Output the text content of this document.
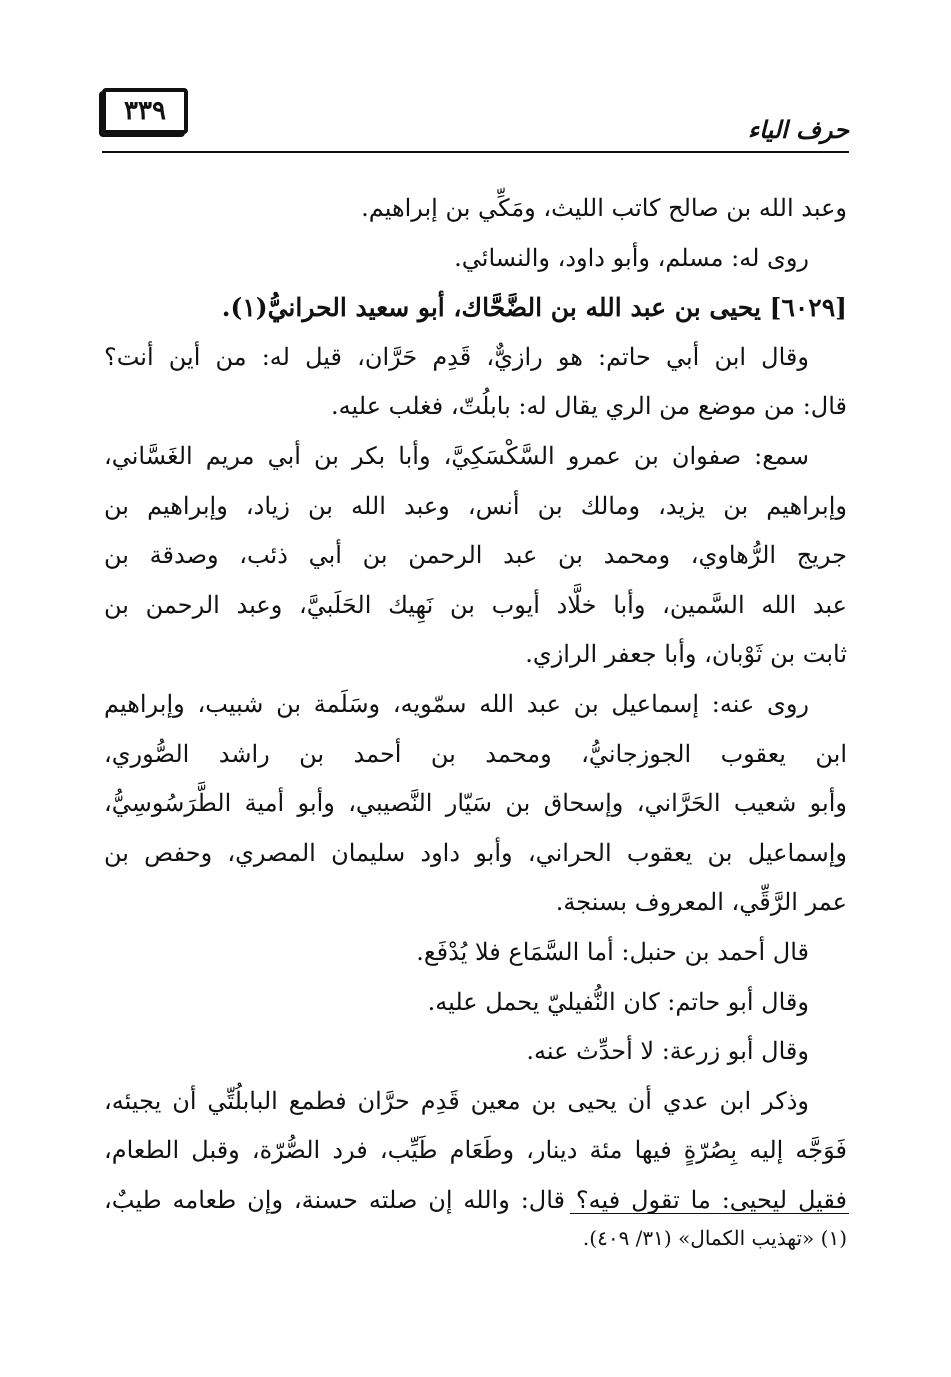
حرف الياء
٣٣٩
وعبد الله بن صالح كاتب الليث، ومَكِّي بن إبراهيم.
روى له: مسلم، وأبو داود، والنسائي.
[٦٠٢٩] يحيى بن عبد الله بن الضَّحَّاك، أبو سعيد الحرانيُّ(١).
وقال ابن أبي حاتم: هو رازيٌّ، قَدِم حَرَّان، قيل له: من أين أنت؟
قال: من موضع من الري يقال له: بابلُتّ، فغلب عليه.
سمع: صفوان بن عمرو السَّكْسَكِيَّ، وأبا بكر بن أبي مريم الغَسَّاني،
وإبراهيم بن يزيد، ومالك بن أنس، وعبد الله بن زياد، وإبراهيم بن
جريج الرُّهاوي، ومحمد بن عبد الرحمن بن أبي ذئب، وصدقة بن
عبد الله السَّمين، وأبا خلَّاد أيوب بن نَهِيك الحَلَبيَّ، وعبد الرحمن بن
ثابت بن ثَوْبان، وأبا جعفر الرازي.
روى عنه: إسماعيل بن عبد الله سمّويه، وسَلَمة بن شبيب، وإبراهيم
ابن يعقوب الجوزجانيُّ، ومحمد بن أحمد بن راشد الصُّوري،
وأبو شعيب الحَرَّاني، وإسحاق بن سَيّار النَّصيبي، وأبو أمية الطَّرَسُوسِيُّ،
وإسماعيل بن يعقوب الحراني، وأبو داود سليمان المصري، وحفص بن
عمر الرَّقِّي، المعروف بسنجة.
قال أحمد بن حنبل: أما السَّمَاع فلا يُدْفَع.
وقال أبو حاتم: كان النُّفيليّ يحمل عليه.
وقال أبو زرعة: لا أحدِّث عنه.
وذكر ابن عدي أن يحيى بن معين قَدِم حرَّان فطمع البابلُتِّي أن يجيئه،
فَوَجَّه إليه بِصُرّةٍ فيها مئة دينار، وطَعَام طَيِّب، فرد الصُّرّة، وقبل الطعام،
فقيل ليحيى: ما تقول فيه؟ قال: والله إن صلته حسنة، وإن طعامه طيبٌ،
(١) «تهذيب الكمال» (٣١/ ٤٠٩).
